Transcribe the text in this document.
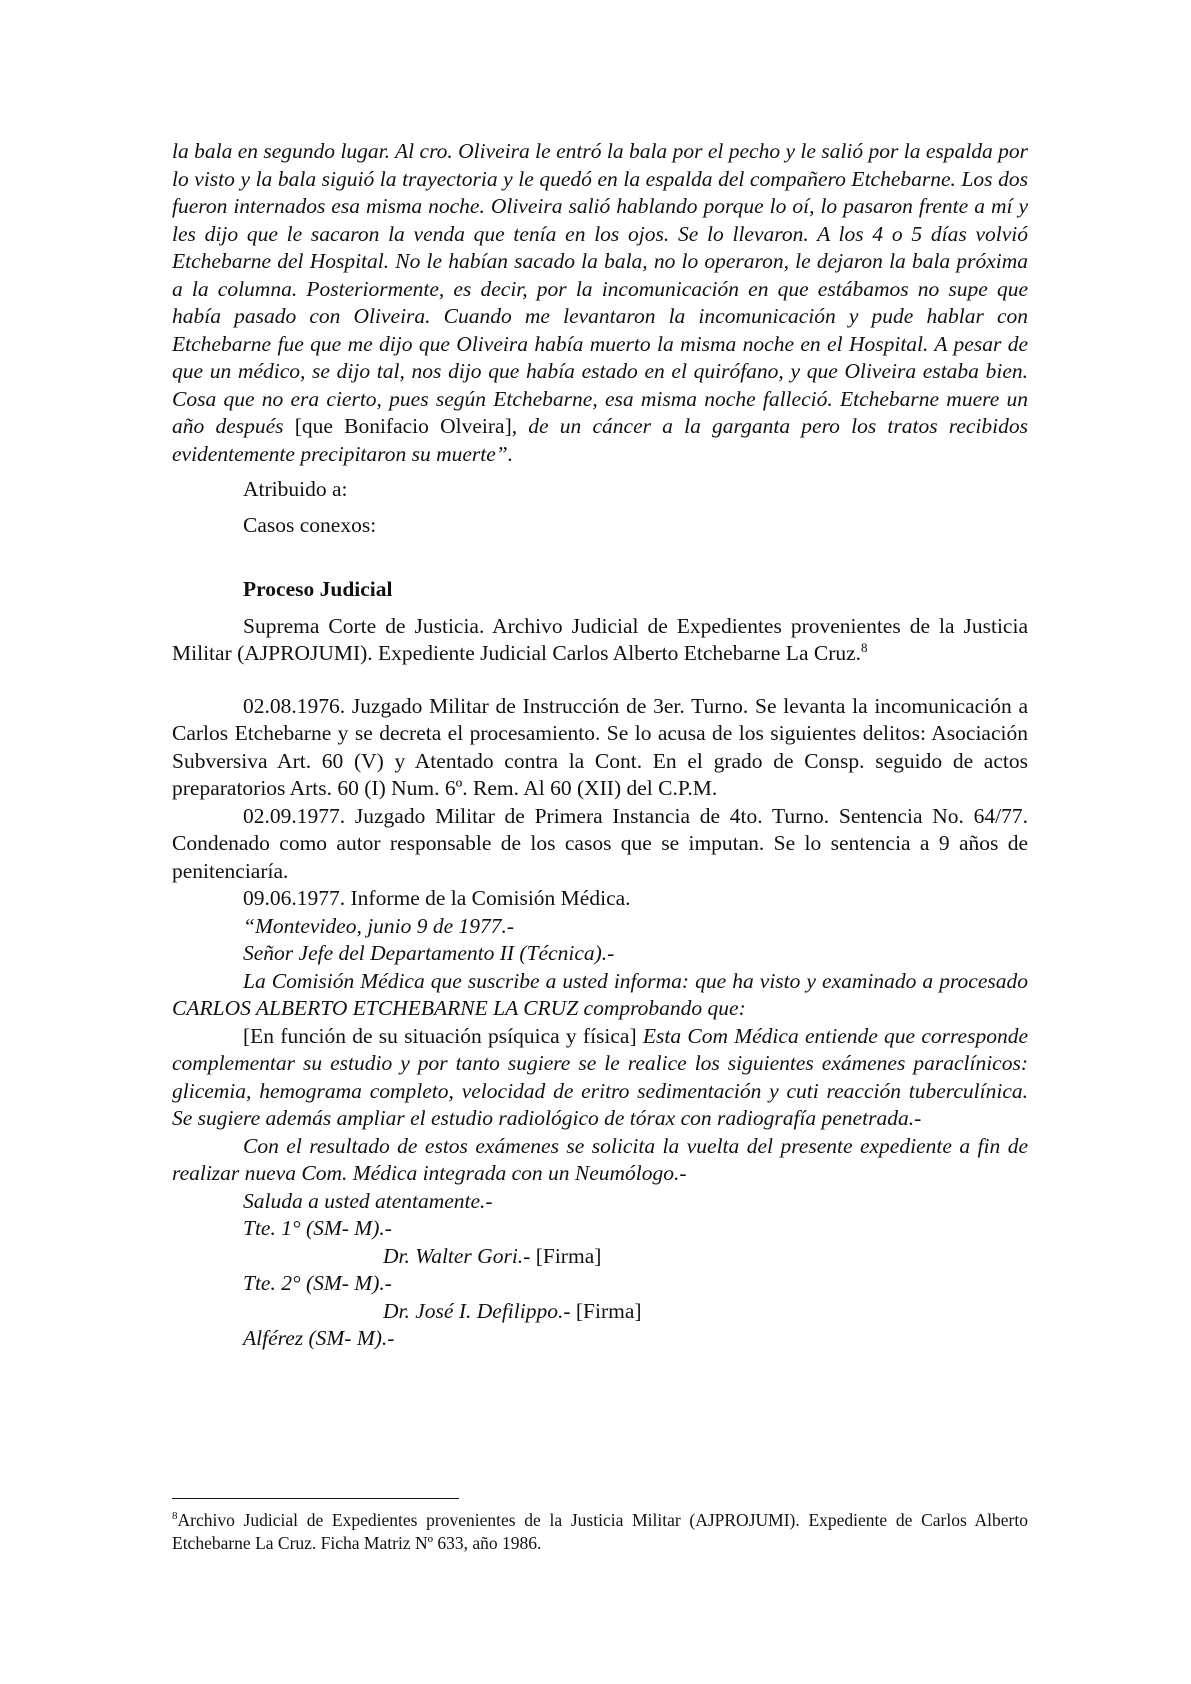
la bala en segundo lugar. Al cro. Oliveira le entró la bala por el pecho y le salió por la espalda por lo visto y la bala siguió la trayectoria y le quedó en la espalda del compañero Etchebarne. Los dos fueron internados esa misma noche. Oliveira salió hablando porque lo oí, lo pasaron frente a mí y les dijo que le sacaron la venda que tenía en los ojos. Se lo llevaron. A los 4 o 5 días volvió Etchebarne del Hospital. No le habían sacado la bala, no lo operaron, le dejaron la bala próxima a la columna. Posteriormente, es decir, por la incomunicación en que estábamos no supe que había pasado con Oliveira. Cuando me levantaron la incomunicación y pude hablar con Etchebarne fue que me dijo que Oliveira había muerto la misma noche en el Hospital. A pesar de que un médico, se dijo tal, nos dijo que había estado en el quirófano, y que Oliveira estaba bien. Cosa que no era cierto, pues según Etchebarne, esa misma noche falleció. Etchebarne muere un año después [que Bonifacio Olveira], de un cáncer a la garganta pero los tratos recibidos evidentemente precipitaron su muerte”.

Atribuido a:

Casos conexos:

Proceso Judicial

Suprema Corte de Justicia. Archivo Judicial de Expedientes provenientes de la Justicia Militar (AJPROJUMI). Expediente Judicial Carlos Alberto Etchebarne La Cruz.$^8$

02.08.1976. Juzgado Militar de Instrucción de 3er. Turno. Se levanta la incomunicación a Carlos Etchebarne y se decreta el procesamiento. Se lo acusa de los siguientes delitos: Asociación Subversiva Art. 60 (V) y Atentado contra la Cont. En el grado de Consp. seguido de actos preparatorios Arts. 60 (I) Num. 6º. Rem. Al 60 (XII) del C.P.M.

02.09.1977. Juzgado Militar de Primera Instancia de 4to. Turno. Sentencia No. 64/77. Condenado como autor responsable de los casos que se imputan. Se lo sentencia a 9 años de penitenciaría.

09.06.1977. Informe de la Comisión Médica.

“Montevideo, junio 9 de 1977.-

Señor Jefe del Departamento II (Técnica).-

La Comisión Médica que suscribe a usted informa: que ha visto y examinado a procesado CARLOS ALBERTO ETCHEBARNE LA CRUZ comprobando que:

[En función de su situación psíquica y física] Esta Com Médica entiende que corresponde complementar su estudio y por tanto sugiere se le realice los siguientes exámenes paraclínicos: glicemia, hemograma completo, velocidad de eritro sedimentación y cuti reacción tuberculínica. Se sugiere además ampliar el estudio radiológico de tórax con radiografía penetrada.-

Con el resultado de estos exámenes se solicita la vuelta del presente expediente a fin de realizar nueva Com. Médica integrada con un Neumólogo.-

Saluda a usted atentamente.-

Tte. 1° (SM- M).-

Dr. Walter Gori.- [Firma]

Tte. 2° (SM- M).-

Dr. José I. Defilippo.- [Firma]

Alférez (SM- M).-

$^8$Archivo Judicial de Expedientes provenientes de la Justicia Militar (AJPROJUMI). Expediente de Carlos Alberto Etchebarne La Cruz. Ficha Matriz Nº 633, año 1986.
